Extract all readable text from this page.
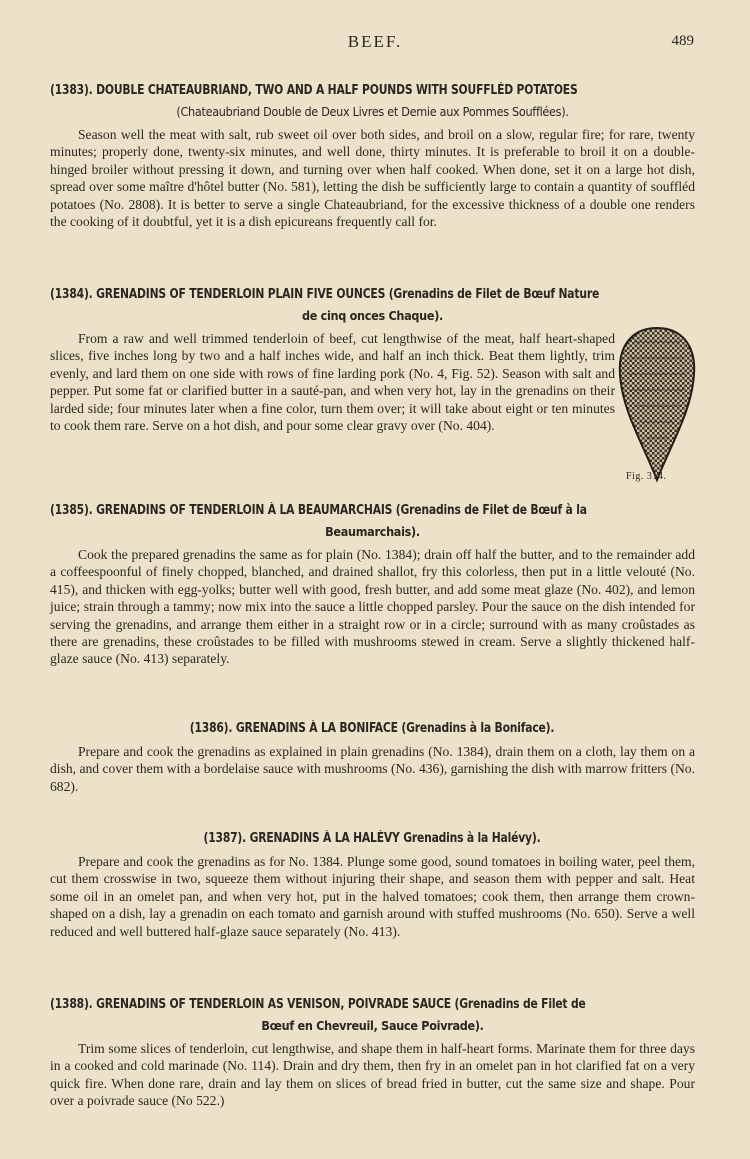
BEEF.	489
(1383). DOUBLE CHATEAUBRIAND, TWO AND A HALF POUNDS WITH SOUFFLÉD POTATOES
(Chateaubriand Double de Deux Livres et Demie aux Pommes Soufflées).

Season well the meat with salt, rub sweet oil over both sides, and broil on a slow, regular fire; for rare, twenty minutes; properly done, twenty-six minutes, and well done, thirty minutes. It is preferable to broil it on a double-hinged broiler without pressing it down, and turning over when half cooked. When done, set it on a large hot dish, spread over some maître d'hôtel butter (No. 581), letting the dish be sufficiently large to contain a quantity of souffléd potatoes (No. 2808). It is better to serve a single Chateaubriand, for the excessive thickness of a double one renders the cooking of it doubtful, yet it is a dish epicureans frequently call for.

(1384). GRENADINS OF TENDERLOIN PLAIN FIVE OUNCES (Grenadins de Filet de Bœuf Nature
de cinq onces Chaque).

From a raw and well trimmed tenderloin of beef, cut lengthwise of the meat, half heart-shaped slices, five inches long by two and a half inches wide, and half an inch thick. Beat them lightly, trim evenly, and lard them on one side with rows of fine larding pork (No. 4, Fig. 52). Season with salt and pepper. Put some fat or clarified butter in a sauté-pan, and when very hot, lay in the grenadins on their larded side; four minutes later when a fine color, turn them over; it will take about eight or ten minutes to cook them rare. Serve on a hot dish, and pour some clear gravy over (No. 404).

Fig. 314.
(1385). GRENADINS OF TENDERLOIN À LA BEAUMARCHAIS (Grenadins de Filet de Bœuf à la
Beaumarchais).

Cook the prepared grenadins the same as for plain (No. 1384); drain off half the butter, and to the remainder add a coffeespoonful of finely chopped, blanched, and drained shallot, fry this colorless, then put in a little velouté (No. 415), and thicken with egg-yolks; butter well with good, fresh butter, and add some meat glaze (No. 402), and lemon juice; strain through a tammy; now mix into the sauce a little chopped parsley. Pour the sauce on the dish intended for serving the grenadins, and arrange them either in a straight row or in a circle; surround with as many croûstades as there are grenadins, these croûstades to be filled with mushrooms stewed in cream. Serve a slightly thickened half-glaze sauce (No. 413) separately.

(1386). GRENADINS À LA BONIFACE (Grenadins à la Boniface).

Prepare and cook the grenadins as explained in plain grenadins (No. 1384), drain them on a cloth, lay them on a dish, and cover them with a bordelaise sauce with mushrooms (No. 436), garnishing the dish with marrow fritters (No. 682).

(1387). GRENADINS À LA HALÉVY Grenadins à la Halévy).

Prepare and cook the grenadins as for No. 1384. Plunge some good, sound tomatoes in boiling water, peel them, cut them crosswise in two, squeeze them without injuring their shape, and season them with pepper and salt. Heat some oil in an omelet pan, and when very hot, put in the halved tomatoes; cook them, then arrange them crown-shaped on a dish, lay a grenadin on each tomato and garnish around with stuffed mushrooms (No. 650). Serve a well reduced and well buttered half-glaze sauce separately (No. 413).

(1388). GRENADINS OF TENDERLOIN AS VENISON, POIVRADE SAUCE (Grenadins de Filet de
Bœuf en Chevreuil, Sauce Poivrade).

Trim some slices of tenderloin, cut lengthwise, and shape them in half-heart forms. Marinate them for three days in a cooked and cold marinade (No. 114). Drain and dry them, then fry in an omelet pan in hot clarified fat on a very quick fire. When done rare, drain and lay them on slices of bread fried in butter, cut the same size and shape. Pour over a poivrade sauce (No 522.)
